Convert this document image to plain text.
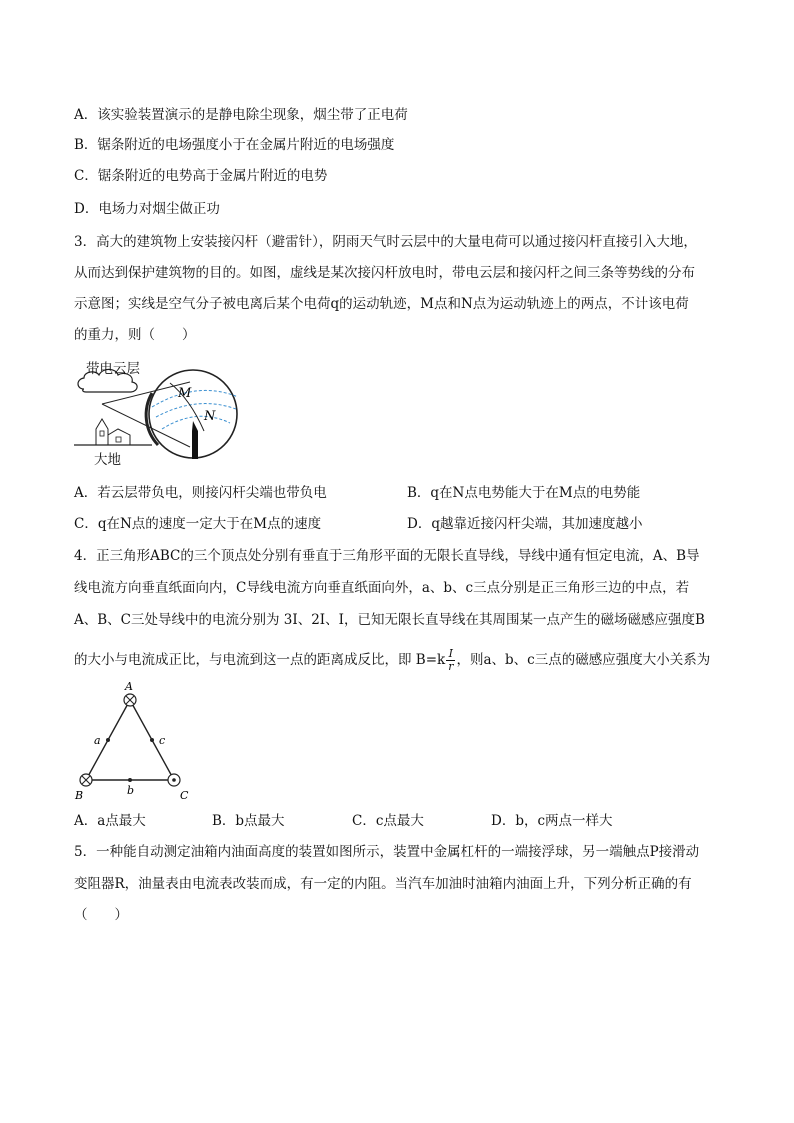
A．该实验装置演示的是静电除尘现象，烟尘带了正电荷
B．锯条附近的电场强度小于在金属片附近的电场强度
C．锯条附近的电势高于金属片附近的电势
D．电场力对烟尘做正功
3．高大的建筑物上安装接闪杆（避雷针），阴雨天气时云层中的大量电荷可以通过接闪杆直接引入大地，
从而达到保护建筑物的目的。如图，虚线是某次接闪杆放电时，带电云层和接闪杆之间三条等势线的分布
示意图；实线是空气分子被电离后某个电荷q的运动轨迹，M点和N点为运动轨迹上的两点，不计该电荷
的重力，则（　　）
M
N
带电云层
大地
A．若云层带负电，则接闪杆尖端也带负电	B．q在N点电势能大于在M点的电势能
C．q在N点的速度一定大于在M点的速度	D．q越靠近接闪杆尖端，其加速度越小
4．正三角形ABC的三个顶点处分别有垂直于三角形平面的无限长直导线，导线中通有恒定电流，A、B导
线电流方向垂直纸面向内，C导线电流方向垂直纸面向外，a、b、c三点分别是正三角形三边的中点，若
A、B、C三处导线中的电流分别为 3I、2I、I，已知无限长直导线在其周围某一点产生的磁场磁感应强度B
的大小与电流成正比，与电流到这一点的距离成反比，即 $B=k \frac{I}{r}$ ，则a、b、c三点的磁感应强度大小关系为
A
B	C
a	c
b
A．a点最大	B．b点最大	C．c点最大	D．b，c两点一样大
5．一种能自动测定油箱内油面高度的装置如图所示，装置中金属杠杆的一端接浮球，另一端触点P接滑动
变阻器R，油量表由电流表改装而成，有一定的内阻。当汽车加油时油箱内油面上升，下列分析正确的有
（　　）
